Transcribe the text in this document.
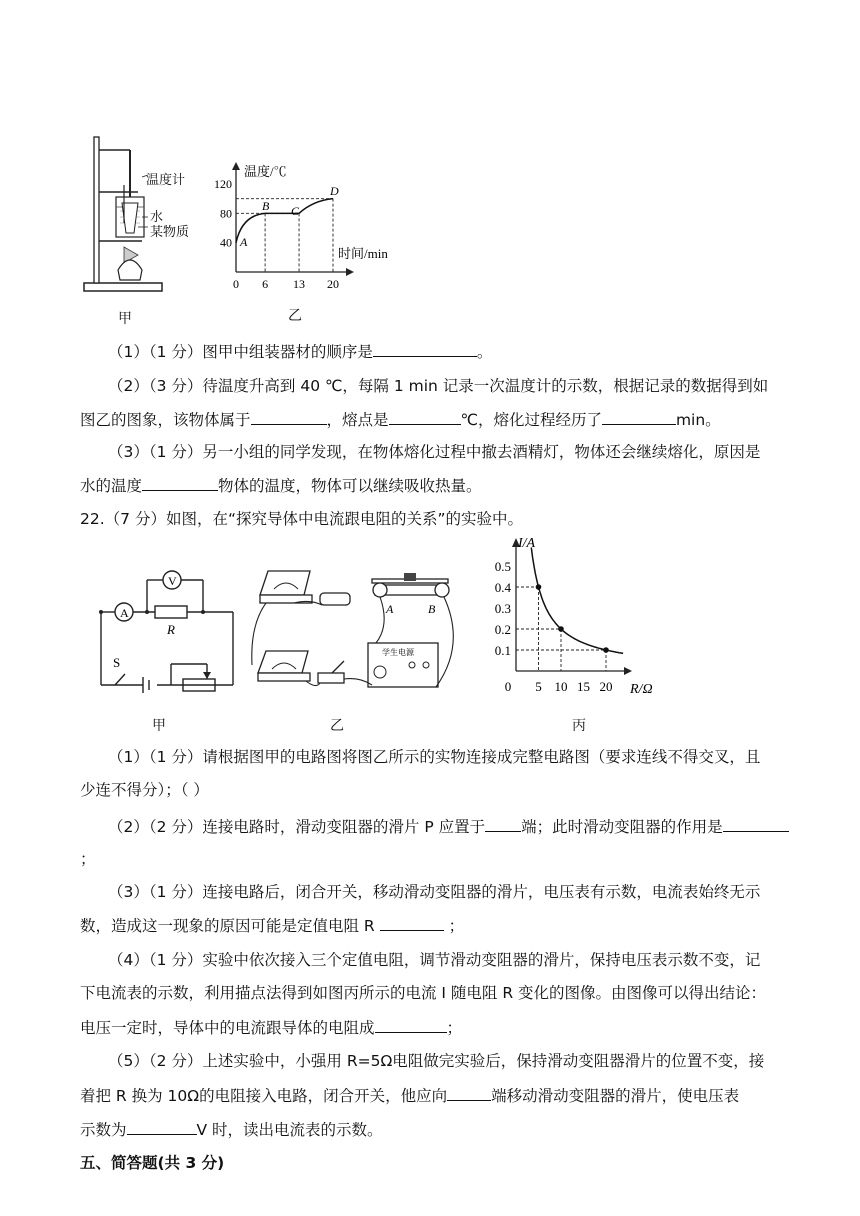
温度计
水
某物质
甲
40
80
120
0 6 13 20
温度/℃
时间/min
A
B C
D
乙
（1）（1 分）图甲中组装器材的顺序是	。
（2）（3 分）待温度升高到 40 ℃，每隔 1 min 记录一次温度计的示数，根据记录的数据得到如
图乙的图象，该物体属于	，熔点是	℃，熔化过程经历了	min。
（3）（1 分）另一小组的同学发现，在物体熔化过程中撤去酒精灯，物体还会继续熔化，原因是
水的温度	物体的温度，物体可以继续吸收热量。
22.（7 分）如图，在“探究导体中电流跟电阻的关系”的实验中。
A
V
R
S
甲
A	B
学生电源
乙
0.1
0.2
0.3
0.4
0.5
0 5 10 15 20
I/A
R/Ω
丙
（1）（1 分）请根据图甲的电路图将图乙所示的实物连接成完整电路图（要求连线不得交叉，且
少连不得分）；（ ）
（2）（2 分）连接电路时，滑动变阻器的滑片 P 应置于 端；此时滑动变阻器的作用是
；
（3）（1 分）连接电路后，闭合开关，移动滑动变阻器的滑片，电压表有示数，电流表始终无示
数，造成这一现象的原因可能是定值电阻 R	；
（4）（1 分）实验中依次接入三个定值电阻，调节滑动变阻器的滑片，保持电压表示数不变，记
下电流表的示数，利用描点法得到如图丙所示的电流 I 随电阻 R 变化的图像。由图像可以得出结论：
电压一定时，导体中的电流跟导体的电阻成	；
（5）（2 分）上述实验中，小强用 R=5Ω电阻做完实验后，保持滑动变阻器滑片的位置不变，接
着把 R 换为 10Ω的电阻接入电路，闭合开关，他应向	端移动滑动变阻器的滑片，使电压表
示数为	V 时，读出电流表的示数。
五、简答题(共 3 分)
